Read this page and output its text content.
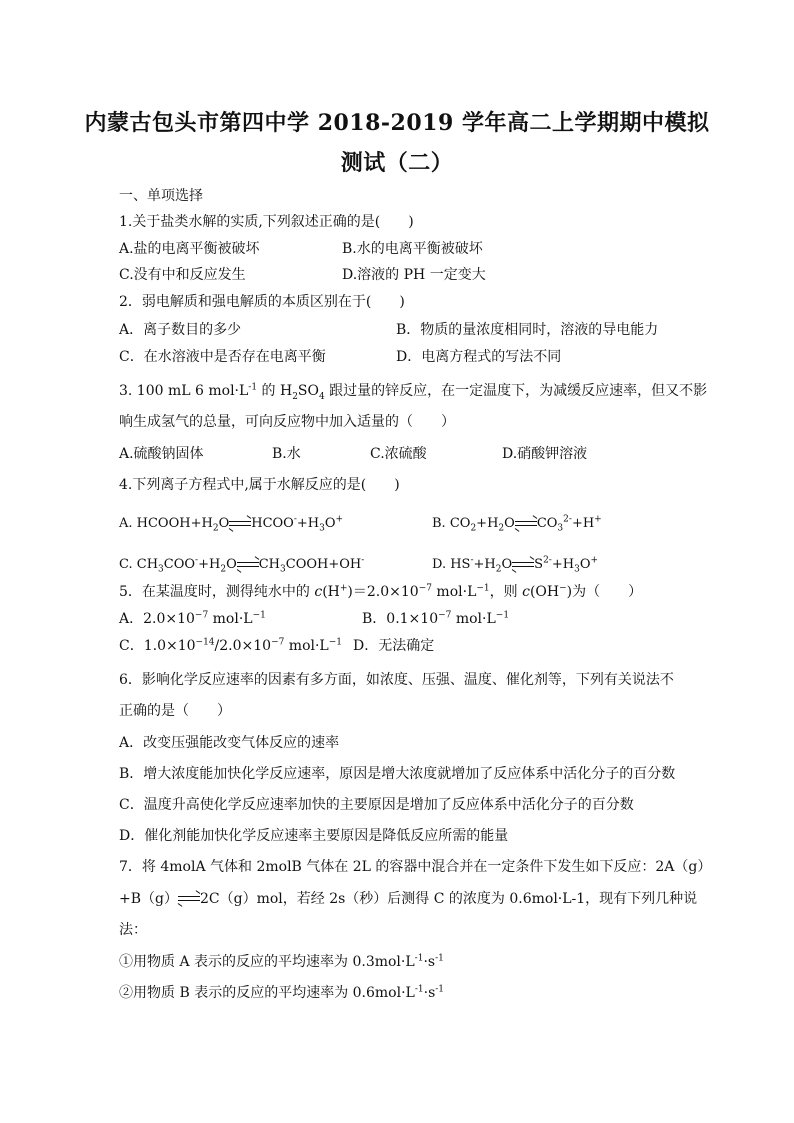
内蒙古包头市第四中学 2018-2019 学年高二上学期期中模拟
测试（二）
一、单项选择
1.关于盐类水解的实质,下列叙述正确的是(　　)
A.盐的电离平衡被破坏	B.水的电离平衡被破坏
C.没有中和反应发生	D.溶液的 PH 一定变大
2．弱电解质和强电解质的本质区别在于(　　)
A．离子数目的多少	B．物质的量浓度相同时，溶液的导电能力
C．在水溶液中是否存在电离平衡	D．电离方程式的写法不同
3. 100 mL 6 $mol\cdot L^{-1}$ 的 $H_2SO_4$ 跟过量的锌反应，在一定温度下，为减缓反应速率，但又不影
响生成氢气的总量，可向反应物中加入适量的（　　）
A.硫酸钠固体	B.水	C.浓硫酸	D.硝酸钾溶液
4.下列离子方程式中,属于水解反应的是(　　)
A. $HCOOH+H_2O$ $HCOO^-+H_3O^+$	B. $CO_2+H_2O$ $CO_3^{2-}+H^+$
C. $CH_3COO^-+H_2O$ $CH_3COOH+OH^-$	D. $HS^-+H_2O$ $S^{2-}+H_3O^+$
5．在某温度时，测得纯水中的 $c(H^+)=2.0\times 10^{-7}$ $mol\cdot L^{-1}$，则 c(OH−)为（　　）
A．$2.0\times 10^{-7}$ $mol\cdot L^{-1}$	B．$0.1\times 10^{-7}$ $mol\cdot L^{-1}$
C．$1.0\times 10^{-14}/2.0\times 10^{-7}$ $mol\cdot L^{-1}$ D．无法确定
6．影响化学反应速率的因素有多方面，如浓度、压强、温度、催化剂等，下列有关说法不
正确的是（　　）
A．改变压强能改变气体反应的速率
B．增大浓度能加快化学反应速率，原因是增大浓度就增加了反应体系中活化分子的百分数
C．温度升高使化学反应速率加快的主要原因是增加了反应体系中活化分子的百分数
D．催化剂能加快化学反应速率主要原因是降低反应所需的能量
7．将 4molA 气体和 2molB 气体在 2L 的容器中混合并在一定条件下发生如下反应：2A（g）
+B（g） 2C（g）mol，若经 2s（秒）后测得 C 的浓度为 0.6mol·L-1，现有下列几种说
法：
①用物质 A 表示的反应的平均速率为 $0.3mol\cdot L^{-1}\cdot s^{-1}$
②用物质 B 表示的反应的平均速率为 $0.6mol\cdot L^{-1}\cdot s^{-1}$
